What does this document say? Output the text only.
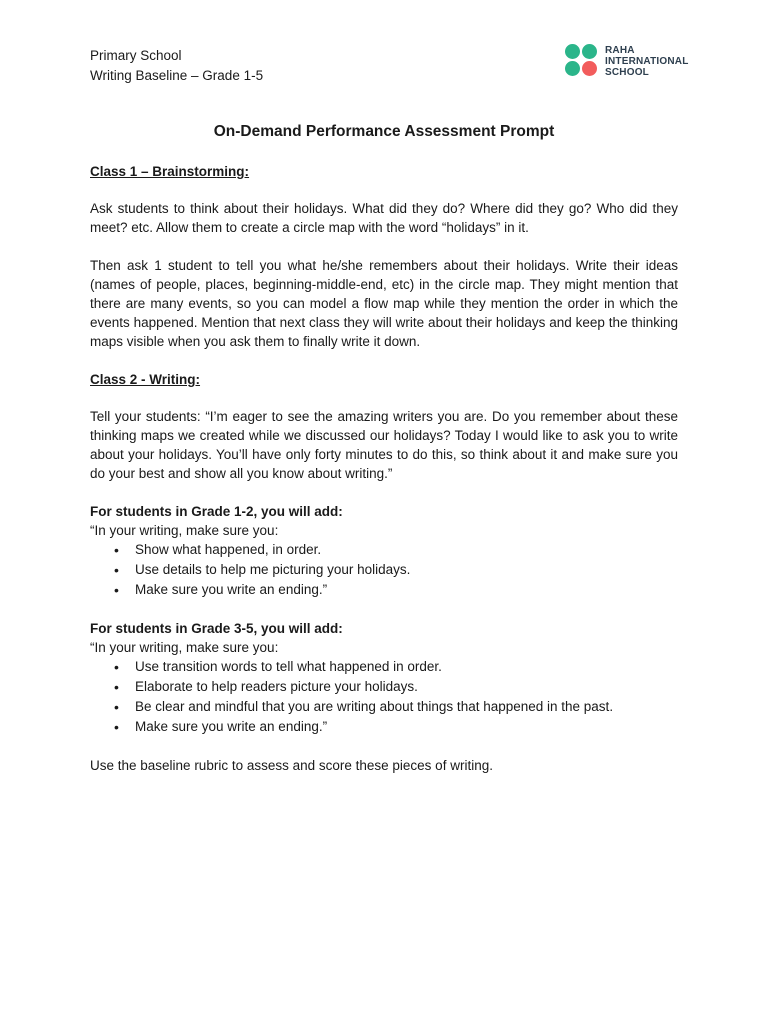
Primary School
Writing Baseline – Grade 1-5
RAHA
INTERNATIONAL
SCHOOL
On-Demand Performance Assessment Prompt
Class 1 – Brainstorming:

Ask students to think about their holidays. What did they do? Where did they go? Who did they meet? etc. Allow them to create a circle map with the word “holidays” in it.

Then ask 1 student to tell you what he/she remembers about their holidays. Write their ideas (names of people, places, beginning-middle-end, etc) in the circle map. They might mention that there are many events, so you can model a flow map while they mention the order in which the events happened. Mention that next class they will write about their holidays and keep the thinking maps visible when you ask them to finally write it down.

Class 2 - Writing:

Tell your students: “I’m eager to see the amazing writers you are. Do you remember about these thinking maps we created while we discussed our holidays? Today I would like to ask you to write about your holidays. You’ll have only forty minutes to do this, so think about it and make sure you do your best and show all you know about writing.”

For students in Grade 1-2, you will add:
“In your writing, make sure you:
• Show what happened, in order.
• Use details to help me picturing your holidays.
• Make sure you write an ending.”
For students in Grade 3-5, you will add:
“In your writing, make sure you:
• Use transition words to tell what happened in order.
• Elaborate to help readers picture your holidays.
• Be clear and mindful that you are writing about things that happened in the past.
• Make sure you write an ending.”

Use the baseline rubric to assess and score these pieces of writing.
